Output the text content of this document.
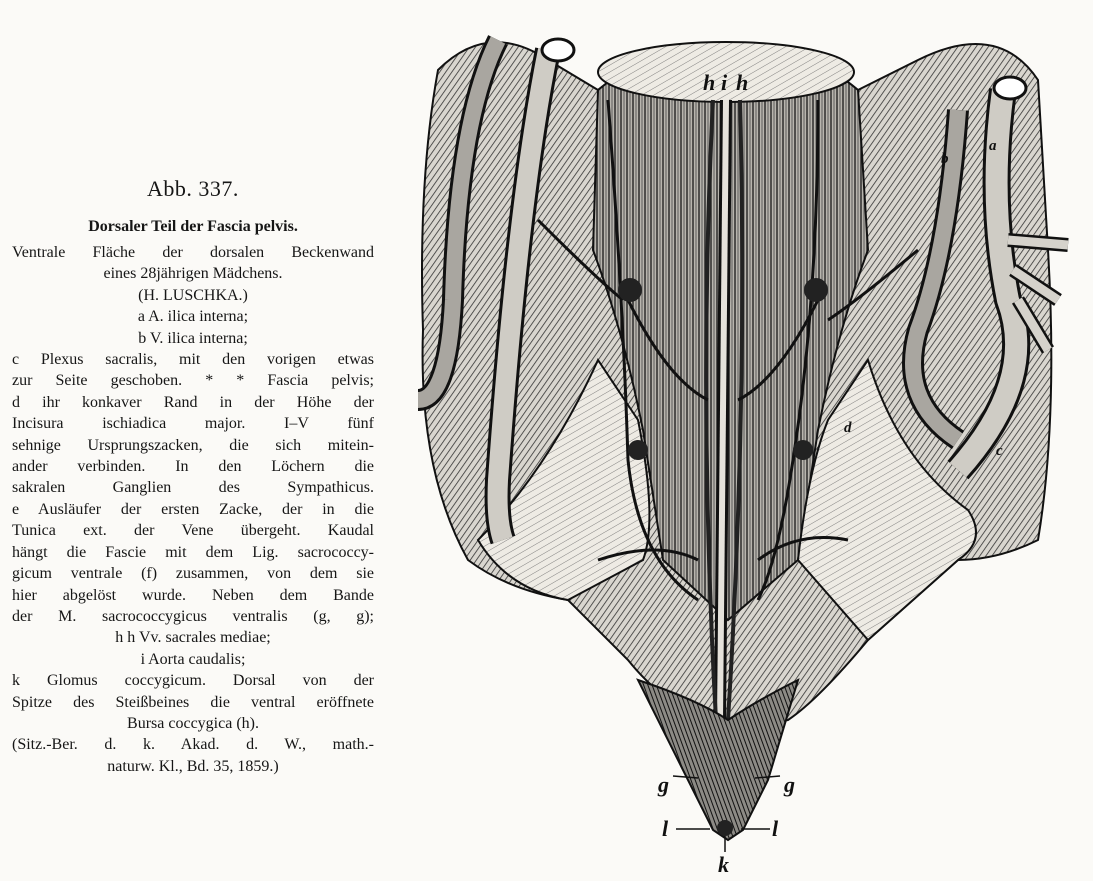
Abb. 337.
Dorsaler Teil der Fascia pelvis.
Ventrale Fläche der dorsalen Beckenwand
eines 28jährigen Mädchens.
(H. LUSCHKA.)
a A. ilica interna;
b V. ilica interna;
c Plexus sacralis, mit den vorigen etwas
zur Seite geschoben. * * Fascia pelvis;
d ihr konkaver Rand in der Höhe der
Incisura ischiadica major. I–V fünf
sehnige Ursprungszacken, die sich mitein-
ander verbinden. In den Löchern die
sakralen Ganglien des Sympathicus.
e Ausläufer der ersten Zacke, der in die
Tunica ext. der Vene übergeht. Kaudal
hängt die Fascie mit dem Lig. sacrococcy-
gicum ventrale (f) zusammen, von dem sie
hier abgelöst wurde. Neben dem Bande
der M. sacrococcygicus ventralis (g, g);
h h Vv. sacrales mediae;
i Aorta caudalis;
k Glomus coccygicum. Dorsal von der
Spitze des Steißbeines die ventral eröffnete
Bursa coccygica (h).
(Sitz.-Ber. d. k. Akad. d. W., math.-
naturw. Kl., Bd. 35, 1859.)
h i h
a
b
c
d
g	g
l	l
k
